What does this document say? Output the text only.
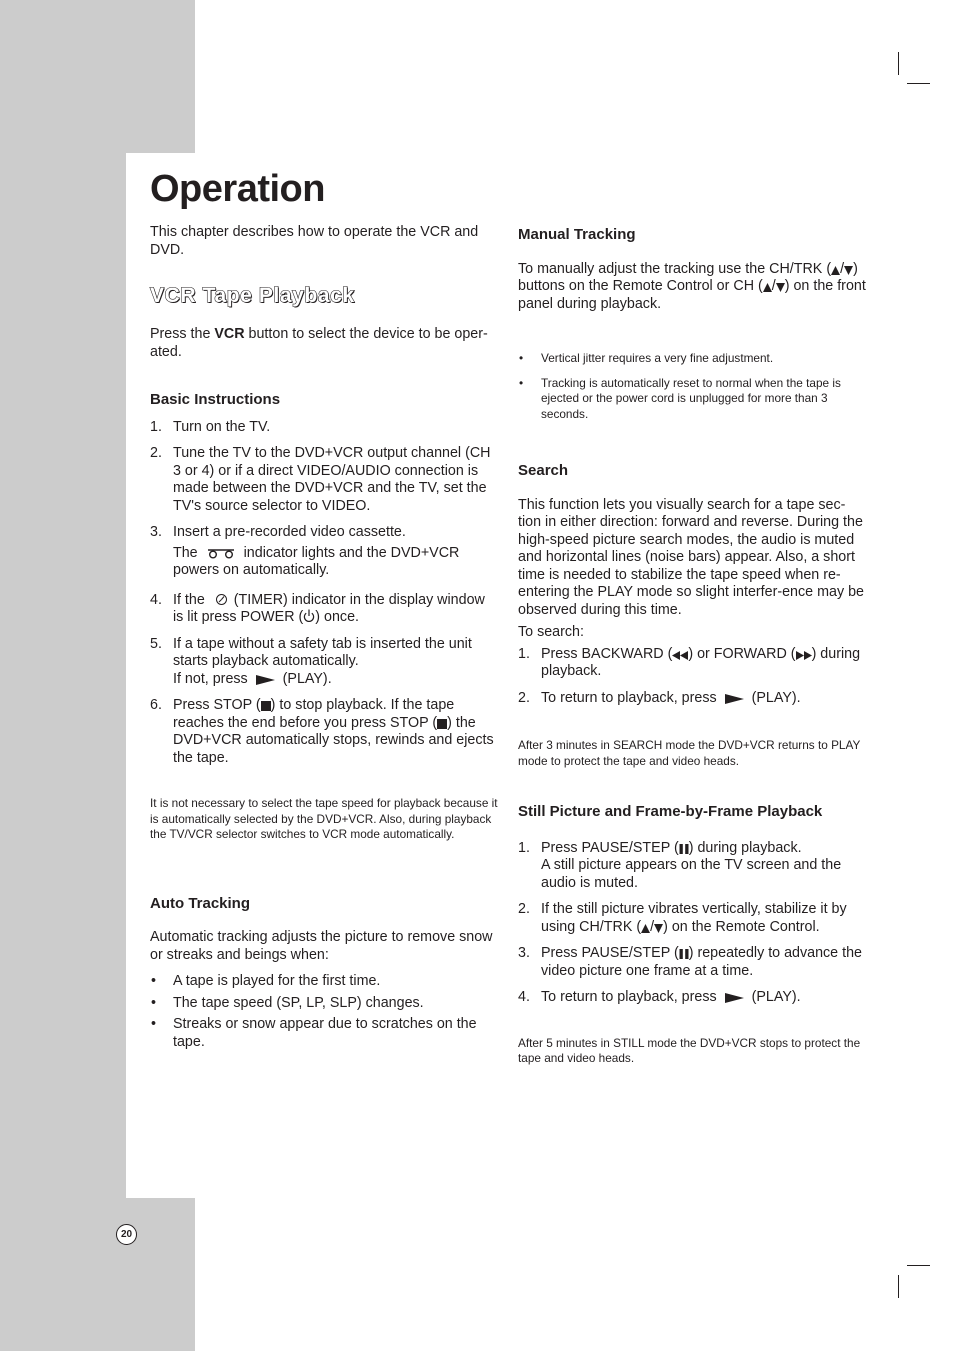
20
Operation

This chapter describes how to operate the VCR and DVD.

VCR Tape Playback

Press the VCR button to select the device to be oper-ated.

Basic Instructions
1. Turn on the TV.
2. Tune the TV to the DVD+VCR output channel (CH 3 or 4) or if a direct VIDEO/AUDIO connection is made between the DVD+VCR and the TV, set the TV's source selector to VIDEO.
3. Insert a pre-recorded video cassette.
The	indicator lights and the DVD+VCR powers on automatically.
4. If the (TIMER) indicator in the display window is lit press POWER ( ) once.
5. If a tape without a safety tab is inserted the unit starts playback automatically.
If not, press (PLAY).
6. Press STOP ( ) to stop playback. If the tape reaches the end before you press STOP ( ) the DVD+VCR automatically stops, rewinds and ejects the tape.

It is not necessary to select the tape speed for playback because it is automatically selected by the DVD+VCR. Also, during playback the TV/VCR selector switches to VCR mode automatically.

Auto Tracking

Automatic tracking adjusts the picture to remove snow or streaks and beings when:

• A tape is played for the first time.
• The tape speed (SP, LP, SLP) changes.
• Streaks or snow appear due to scratches on the tape.
Manual Tracking

To manually adjust the tracking use the CH/TRK ( / ) buttons on the Remote Control or CH ( / ) on the front panel during playback.

• Vertical jitter requires a very fine adjustment.
• Tracking is automatically reset to normal when the tape is ejected or the power cord is unplugged for more than 3 seconds.
Search

This function lets you visually search for a tape sec-tion in either direction: forward and reverse. During the high-speed picture search modes, the audio is muted and horizontal lines (noise bars) appear. Also, a short time is needed to stabilize the tape speed when re-entering the PLAY mode so slight interfer-ence may be observed during this time.

To search:

1. Press BACKWARD ( ) or FORWARD ( ) during playback.
2. To return to playback, press (PLAY).

After 3 minutes in SEARCH mode the DVD+VCR returns to PLAY mode to protect the tape and video heads.

Still Picture and Frame-by-Frame Playback
1. Press PAUSE/STEP ( ) during playback.
A still picture appears on the TV screen and the audio is muted.
2. If the still picture vibrates vertically, stabilize it by using CH/TRK ( / ) on the Remote Control.
3. Press PAUSE/STEP ( ) repeatedly to advance the video picture one frame at a time.
4. To return to playback, press (PLAY).

After 5 minutes in STILL mode the DVD+VCR stops to protect the tape and video heads.
